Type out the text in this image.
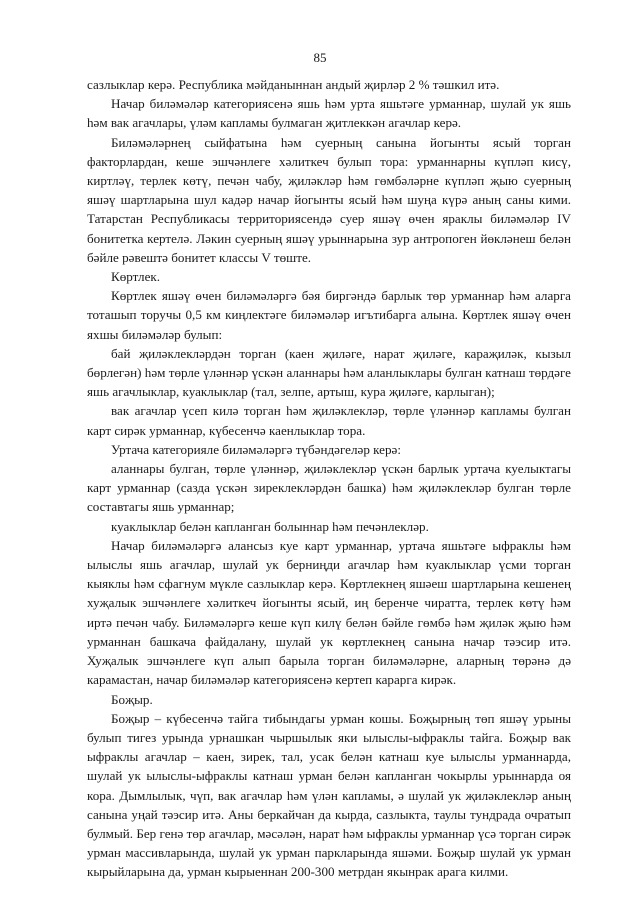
85

сазлыклар керә. Республика мәйданыннан андый җирләр 2 % тәшкил итә.

Начар биләмәләр категориясенә яшь һәм урта яшьтәге урманнар, шулай ук яшь һәм вак агачлары, үләм капламы булмаган җитлеккән агачлар керә.

Биләмәләрнең сыйфатына һәм суерның санына йогынты ясый торган факторлардан, кеше эшчәнлеге хәлиткеч булып тора: урманнарны күпләп кисү, киртләү, терлек көтү, печән чабу, җиләкләр һәм гөмбәләрне күпләп җыю суерның яшәү шартларына шул кадәр начар йогынты ясый һәм шуңа күрә аның саны кими. Татарстан Республикасы территориясендә суер яшәү өчен яраклы биләмәләр IV бонитетка кертелә. Ләкин суерның яшәү урыннарына зур антропоген йөкләнеш белән бәйле рәвештә бонитет классы V төште.

Көртлек.

Көртлек яшәү өчен биләмәләргә бәя биргәндә барлык төр урманнар һәм аларга тоташып торучы 0,5 км киңлектәге биләмәләр игътибарга алына. Көртлек яшәү өчен яхшы биләмәләр булып:

бай җиләклекләрдән торган (каен җиләге, нарат җиләге, караҗиләк, кызыл бөрлегән) һәм төрле үләннәр үскән аланнары һәм аланлыклары булган катнаш төрдәге яшь агачлыклар, куаклыклар (тал, зелпе, артыш, кура җиләге, карлыган);

вак агачлар үсеп килә торган һәм җиләклекләр, төрле үләннәр капламы булган карт сирәк урманнар, күбесенчә каенлыклар тора.

Уртача категорияле биләмәләргә түбәндәгеләр керә:

аланнары булган, төрле үләннәр, җиләклекләр үскән барлык уртача куелыктагы карт урманнар (сазда үскән зиреклекләрдән башка) һәм җиләклекләр булган төрле составтагы яшь урманнар;

куаклыклар белән капланган болыннар һәм печәнлекләр.

Начар биләмәләргә алансыз куе карт урманнар, уртача яшьтәге ыфраклы һәм ылыслы яшь агачлар, шулай ук берниңди агачлар һәм куаклыклар үсми торган кыяклы һәм сфагнум мүкле сазлыклар керә. Көртлекнең яшәеш шартларына кешенең хуҗалык эшчәнлеге хәлиткеч йогынты ясый, иң беренче чиратта, терлек көтү һәм иртә печән чабу. Биләмәләргә кеше күп килү белән бәйле гөмбә һәм җиләк җыю һәм урманнан башкача файдалану, шулай ук көртлекнең санына начар тәэсир итә. Хуҗалык эшчәнлеге күп алып барыла торган биләмәләрне, аларның төрәнә дә карамастан, начар биләмәләр категориясенә кертеп карарга кирәк.

Боҗыр.

Боҗыр – күбесенчә тайга тибындагы урман кошы. Боҗырның төп яшәү урыны булып тигез урында урнашкан чыршылык яки ылыслы-ыфраклы тайга. Боҗыр вак ыфраклы агачлар – каен, зирек, тал, усак белән катнаш куе ылыслы урманнарда, шулай ук ылыслы-ыфраклы катнаш урман белән капланган чокырлы урыннарда оя кора. Дымлылык, чүп, вак агачлар һәм үлән капламы, ә шулай ук җиләклекләр аның санына уңай тәэсир итә. Аны беркайчан да кырда, сазлыкта, таулы тундрада очратып булмый. Бер генә төр агачлар, мәсәлән, нарат һәм ыфраклы урманнар үсә торган сирәк урман массивларында, шулай ук урман паркларында яшәми. Боҗыр шулай ук урман кырыйларына да, урман кырыеннан 200-300 метрдан якынрак арага килми.
